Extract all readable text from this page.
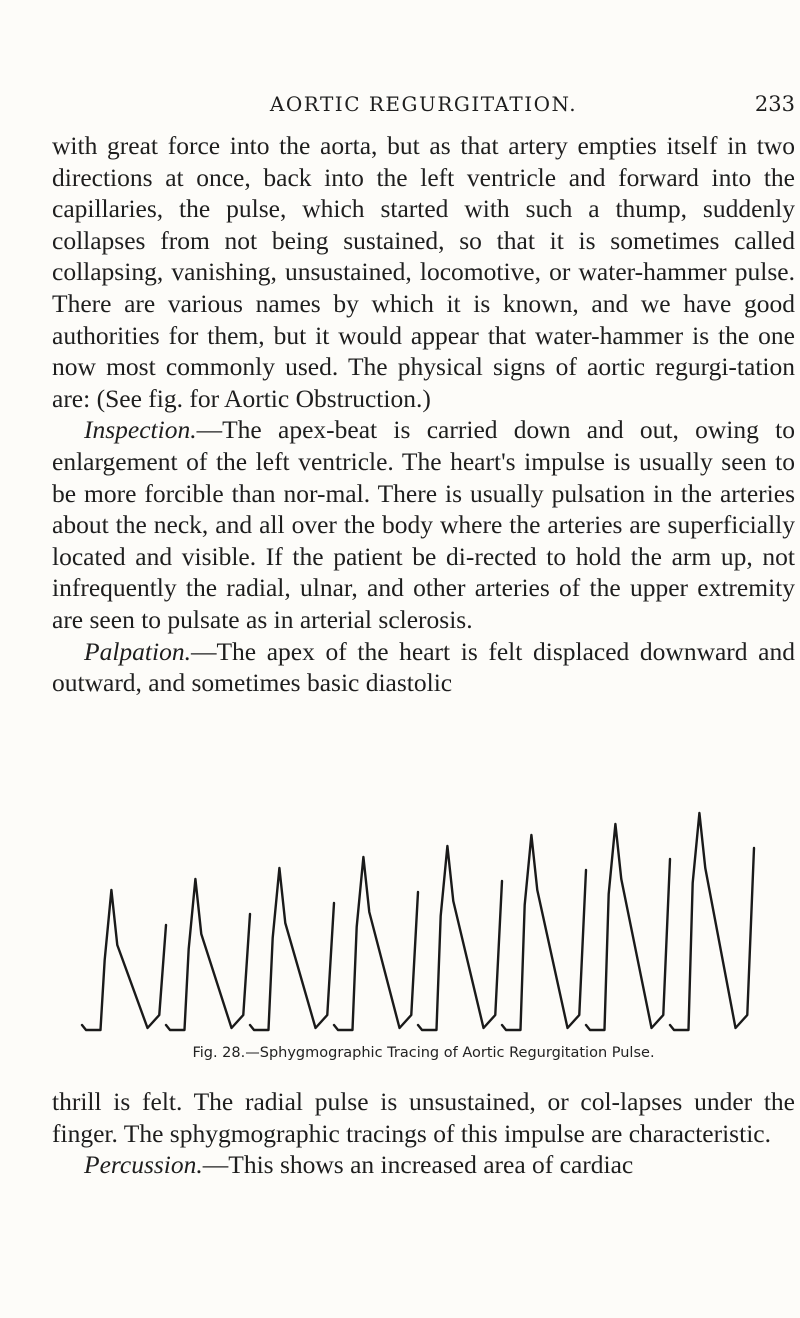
AORTIC REGURGITATION.	233

with great force into the aorta, but as that artery empties itself in two directions at once, back into the left ventricle and forward into the capillaries, the pulse, which started with such a thump, suddenly collapses from not being sustained, so that it is sometimes called collapsing, vanishing, unsustained, locomotive, or water-hammer pulse. There are various names by which it is known, and we have good authorities for them, but it would appear that water-hammer is the one now most commonly used. The physical signs of aortic regurgi-tation are: (See fig. for Aortic Obstruction.)

Inspection.—The apex-beat is carried down and out, owing to enlargement of the left ventricle. The heart's impulse is usually seen to be more forcible than nor-mal. There is usually pulsation in the arteries about the neck, and all over the body where the arteries are superficially located and visible. If the patient be di-rected to hold the arm up, not infrequently the radial, ulnar, and other arteries of the upper extremity are seen to pulsate as in arterial sclerosis.

Palpation.—The apex of the heart is felt displaced downward and outward, and sometimes basic diastolic

Fig. 28.—Sphygmographic Tracing of Aortic Regurgitation Pulse.

thrill is felt. The radial pulse is unsustained, or col-lapses under the finger. The sphygmographic tracings of this impulse are characteristic.

Percussion.—This shows an increased area of cardiac
